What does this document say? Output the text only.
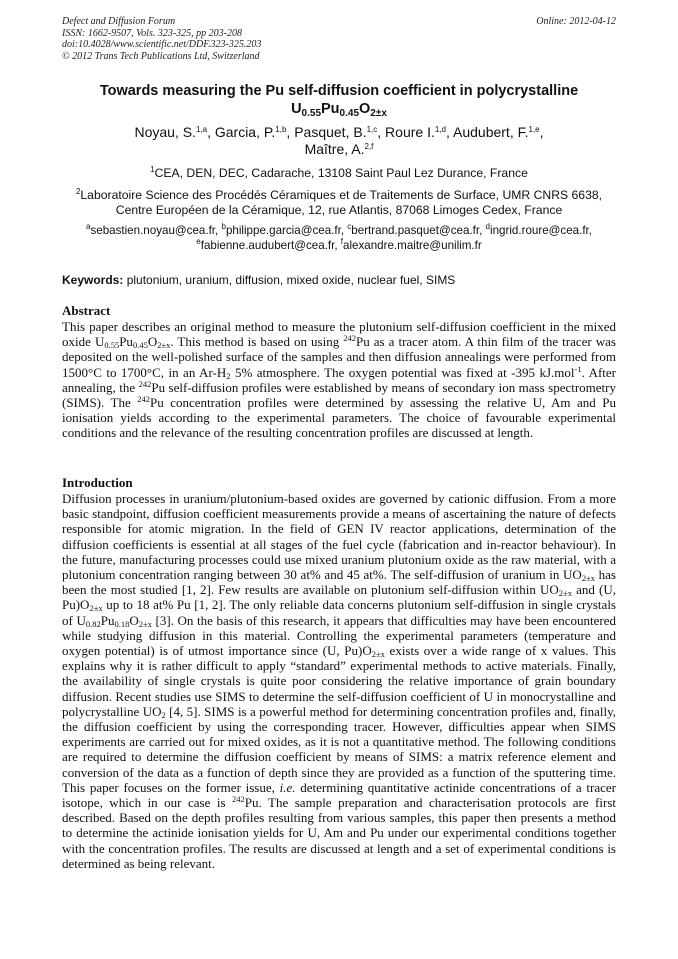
Defect and Diffusion Forum
ISSN: 1662-9507, Vols. 323-325, pp 203-208
doi:10.4028/www.scientific.net/DDF.323-325.203
© 2012 Trans Tech Publications Ltd, Switzerland
Online: 2012-04-12
Towards measuring the Pu self-diffusion coefficient in polycrystalline
$U_{0.55}Pu_{0.45}O_{2\pm x}$
Noyau, S.$^{1,a}$, Garcia, P.$^{1,b}$, Pasquet, B.$^{1,c}$, Roure I.$^{1,d}$, Audubert, F.$^{1,e}$,
Maître, A.$^{2,f}$
$^1$CEA, DEN, DEC, Cadarache, 13108 Saint Paul Lez Durance, France
$^2$Laboratoire Science des Procédés Céramiques et de Traitements de Surface, UMR CNRS 6638,
Centre Européen de la Céramique, 12, rue Atlantis, 87068 Limoges Cedex, France
$^a$sebastien.noyau@cea.fr, $^b$philippe.garcia@cea.fr, $^c$bertrand.pasquet@cea.fr, $^d$ingrid.roure@cea.fr,
$^e$fabienne.audubert@cea.fr, $^f$alexandre.maitre@unilim.fr
Keywords: plutonium, uranium, diffusion, mixed oxide, nuclear fuel, SIMS
Abstract
This paper describes an original method to measure the plutonium self-diffusion coefficient in the mixed oxide $U_{0.55}Pu_{0.45}O_{2\pm x}$. This method is based on using $^{242}$Pu as a tracer atom. A thin film of the tracer was deposited on the well-polished surface of the samples and then diffusion annealings were performed from 1500°C to 1700°C, in an $Ar-H_2$ 5% atmosphere. The oxygen potential was fixed at -395 kJ.mol$^{-1}$. After annealing, the $^{242}$Pu self-diffusion profiles were established by means of secondary ion mass spectrometry (SIMS). The $^{242}$Pu concentration profiles were determined by assessing the relative U, Am and Pu ionisation yields according to the experimental parameters. The choice of favourable experimental conditions and the relevance of the resulting concentration profiles are discussed at length.
Introduction
Diffusion processes in uranium/plutonium-based oxides are governed by cationic diffusion. From a more basic standpoint, diffusion coefficient measurements provide a means of ascertaining the nature of defects responsible for atomic migration. In the field of GEN IV reactor applications, determination of the diffusion coefficients is essential at all stages of the fuel cycle (fabrication and in-reactor behaviour). In the future, manufacturing processes could use mixed uranium plutonium oxide as the raw material, with a plutonium concentration ranging between 30 at% and 45 at%. The self-diffusion of uranium in $UO_{2\pm x}$ has been the most studied [1, 2]. Few results are available on plutonium self-diffusion within $UO_{2\pm x}$ and (U, $Pu)O_{2\pm x}$ up to 18 at% Pu [1, 2]. The only reliable data concerns plutonium self-diffusion in single crystals of $U_{0.82}Pu_{0.18}O_{2\pm x}$ [3]. On the basis of this research, it appears that difficulties may have been encountered while studying diffusion in this material. Controlling the experimental parameters (temperature and oxygen potential) is of utmost importance since (U, $Pu)O_{2\pm x}$ exists over a wide range of x values. This explains why it is rather difficult to apply “standard” experimental methods to active materials. Finally, the availability of single crystals is quite poor considering the relative importance of grain boundary diffusion. Recent studies use SIMS to determine the self-diffusion coefficient of U in monocrystalline and polycrystalline $UO_2$ [4, 5]. SIMS is a powerful method for determining concentration profiles and, finally, the diffusion coefficient by using the corresponding tracer. However, difficulties appear when SIMS experiments are carried out for mixed oxides, as it is not a quantitative method. The following conditions are required to determine the diffusion coefficient by means of SIMS: a matrix reference element and conversion of the data as a function of depth since they are provided as a function of the sputtering time. This paper focuses on the former issue, i.e. determining quantitative actinide concentrations of a tracer isotope, which in our case is $^{242}$Pu. The sample preparation and characterisation protocols are first described. Based on the depth profiles resulting from various samples, this paper then presents a method to determine the actinide ionisation yields for U, Am and Pu under our experimental conditions together with the concentration profiles. The results are discussed at length and a set of experimental conditions is determined as being relevant.
